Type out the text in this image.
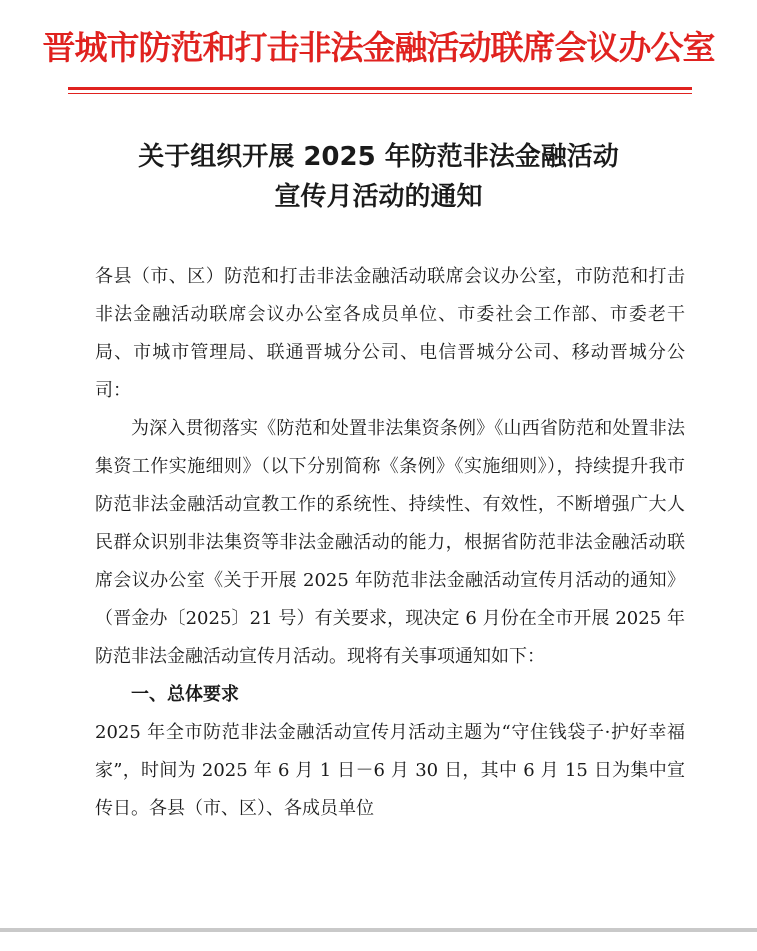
晋城市防范和打击非法金融活动联席会议办公室
关于组织开展 2025 年防范非法金融活动
宣传月活动的通知

各县（市、区）防范和打击非法金融活动联席会议办公室，市防范和打击非法金融活动联席会议办公室各成员单位、市委社会工作部、市委老干局、市城市管理局、联通晋城分公司、电信晋城分公司、移动晋城分公司：

为深入贯彻落实《防范和处置非法集资条例》《山西省防范和处置非法集资工作实施细则》（以下分别简称《条例》《实施细则》），持续提升我市防范非法金融活动宣教工作的系统性、持续性、有效性，不断增强广大人民群众识别非法集资等非法金融活动的能力，根据省防范非法金融活动联席会议办公室《关于开展 2025 年防范非法金融活动宣传月活动的通知》（晋金办〔2025〕21 号）有关要求，现决定 6 月份在全市开展 2025 年防范非法金融活动宣传月活动。现将有关事项通知如下：

一、总体要求

2025 年全市防范非法金融活动宣传月活动主题为“守住钱袋子·护好幸福家”，时间为 2025 年 6 月 1 日－6 月 30 日，其中 6 月 15 日为集中宣传日。各县（市、区）、各成员单位
